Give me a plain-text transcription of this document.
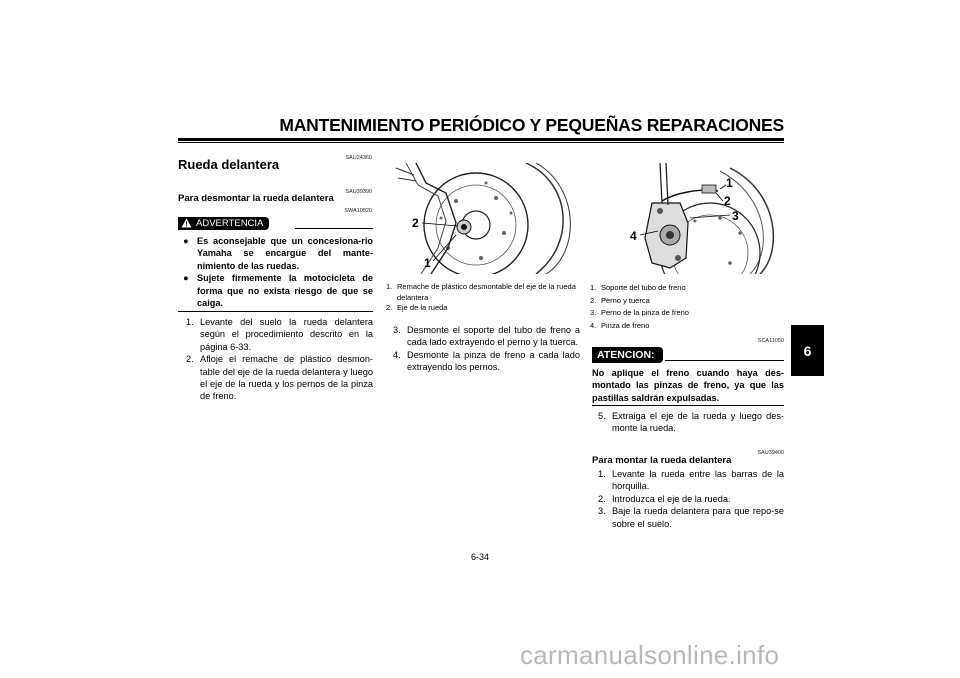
MANTENIMIENTO PERIÓDICO Y PEQUEÑAS REPARACIONES
SAU24360
Rueda delantera
SAU39390
Para desmontar la rueda delantera
SWA10820
ADVERTENCIA
● Es aconsejable que un concesiona-rio Yamaha se encargue del mante-nimiento de las ruedas.
● Sujete firmemente la motocicleta de forma que no exista riesgo de que se caiga.
1. Levante del suelo la rueda delantera según el procedimiento descrito en la página 6-33.
2. Afloje el remache de plástico desmon-table del eje de la rueda delantera y luego el eje de la rueda y los pernos de la pinza de freno.
2
1
1. Remache de plástico desmontable del eje de la rueda delantera
2. Eje de la rueda
3. Desmonte el soporte del tubo de freno a cada lado extrayendo el perno y la tuerca.
4. Desmonte la pinza de freno a cada lado extrayendo los pernos.
1
2
3
4
1. Soporte del tubo de freno
2. Perno y tuerca
3. Perno de la pinza de freno
4. Pinza de freno
SCA11050
ATENCION:
No aplique el freno cuando haya des-montado las pinzas de freno, ya que las pastillas saldrán expulsadas.
5. Extraiga el eje de la rueda y luego des-monte la rueda.
SAU39400
Para montar la rueda delantera
1. Levante la rueda entre las barras de la horquilla.
2. Introduzca el eje de la rueda.
3. Baje la rueda delantera para que repo-se sobre el suelo.
6
6-34
carmanualsonline.info
